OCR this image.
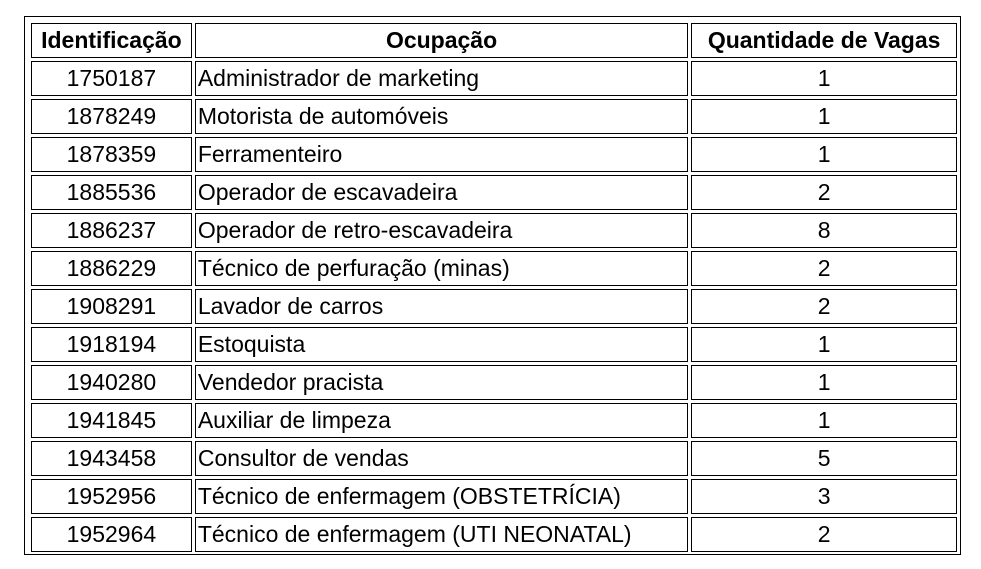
Identificação	Ocupação	Quantidade de Vagas
1750187	Administrador de marketing	1
1878249	Motorista de automóveis	1
1878359	Ferramenteiro	1
1885536	Operador de escavadeira	2
1886237	Operador de retro-escavadeira	8
1886229	Técnico de perfuração (minas)	2
1908291	Lavador de carros	2
1918194	Estoquista	1
1940280	Vendedor pracista	1
1941845	Auxiliar de limpeza	1
1943458	Consultor de vendas	5
1952956	Técnico de enfermagem (OBSTETRÍCIA)	3
1952964	Técnico de enfermagem (UTI NEONATAL)	2
